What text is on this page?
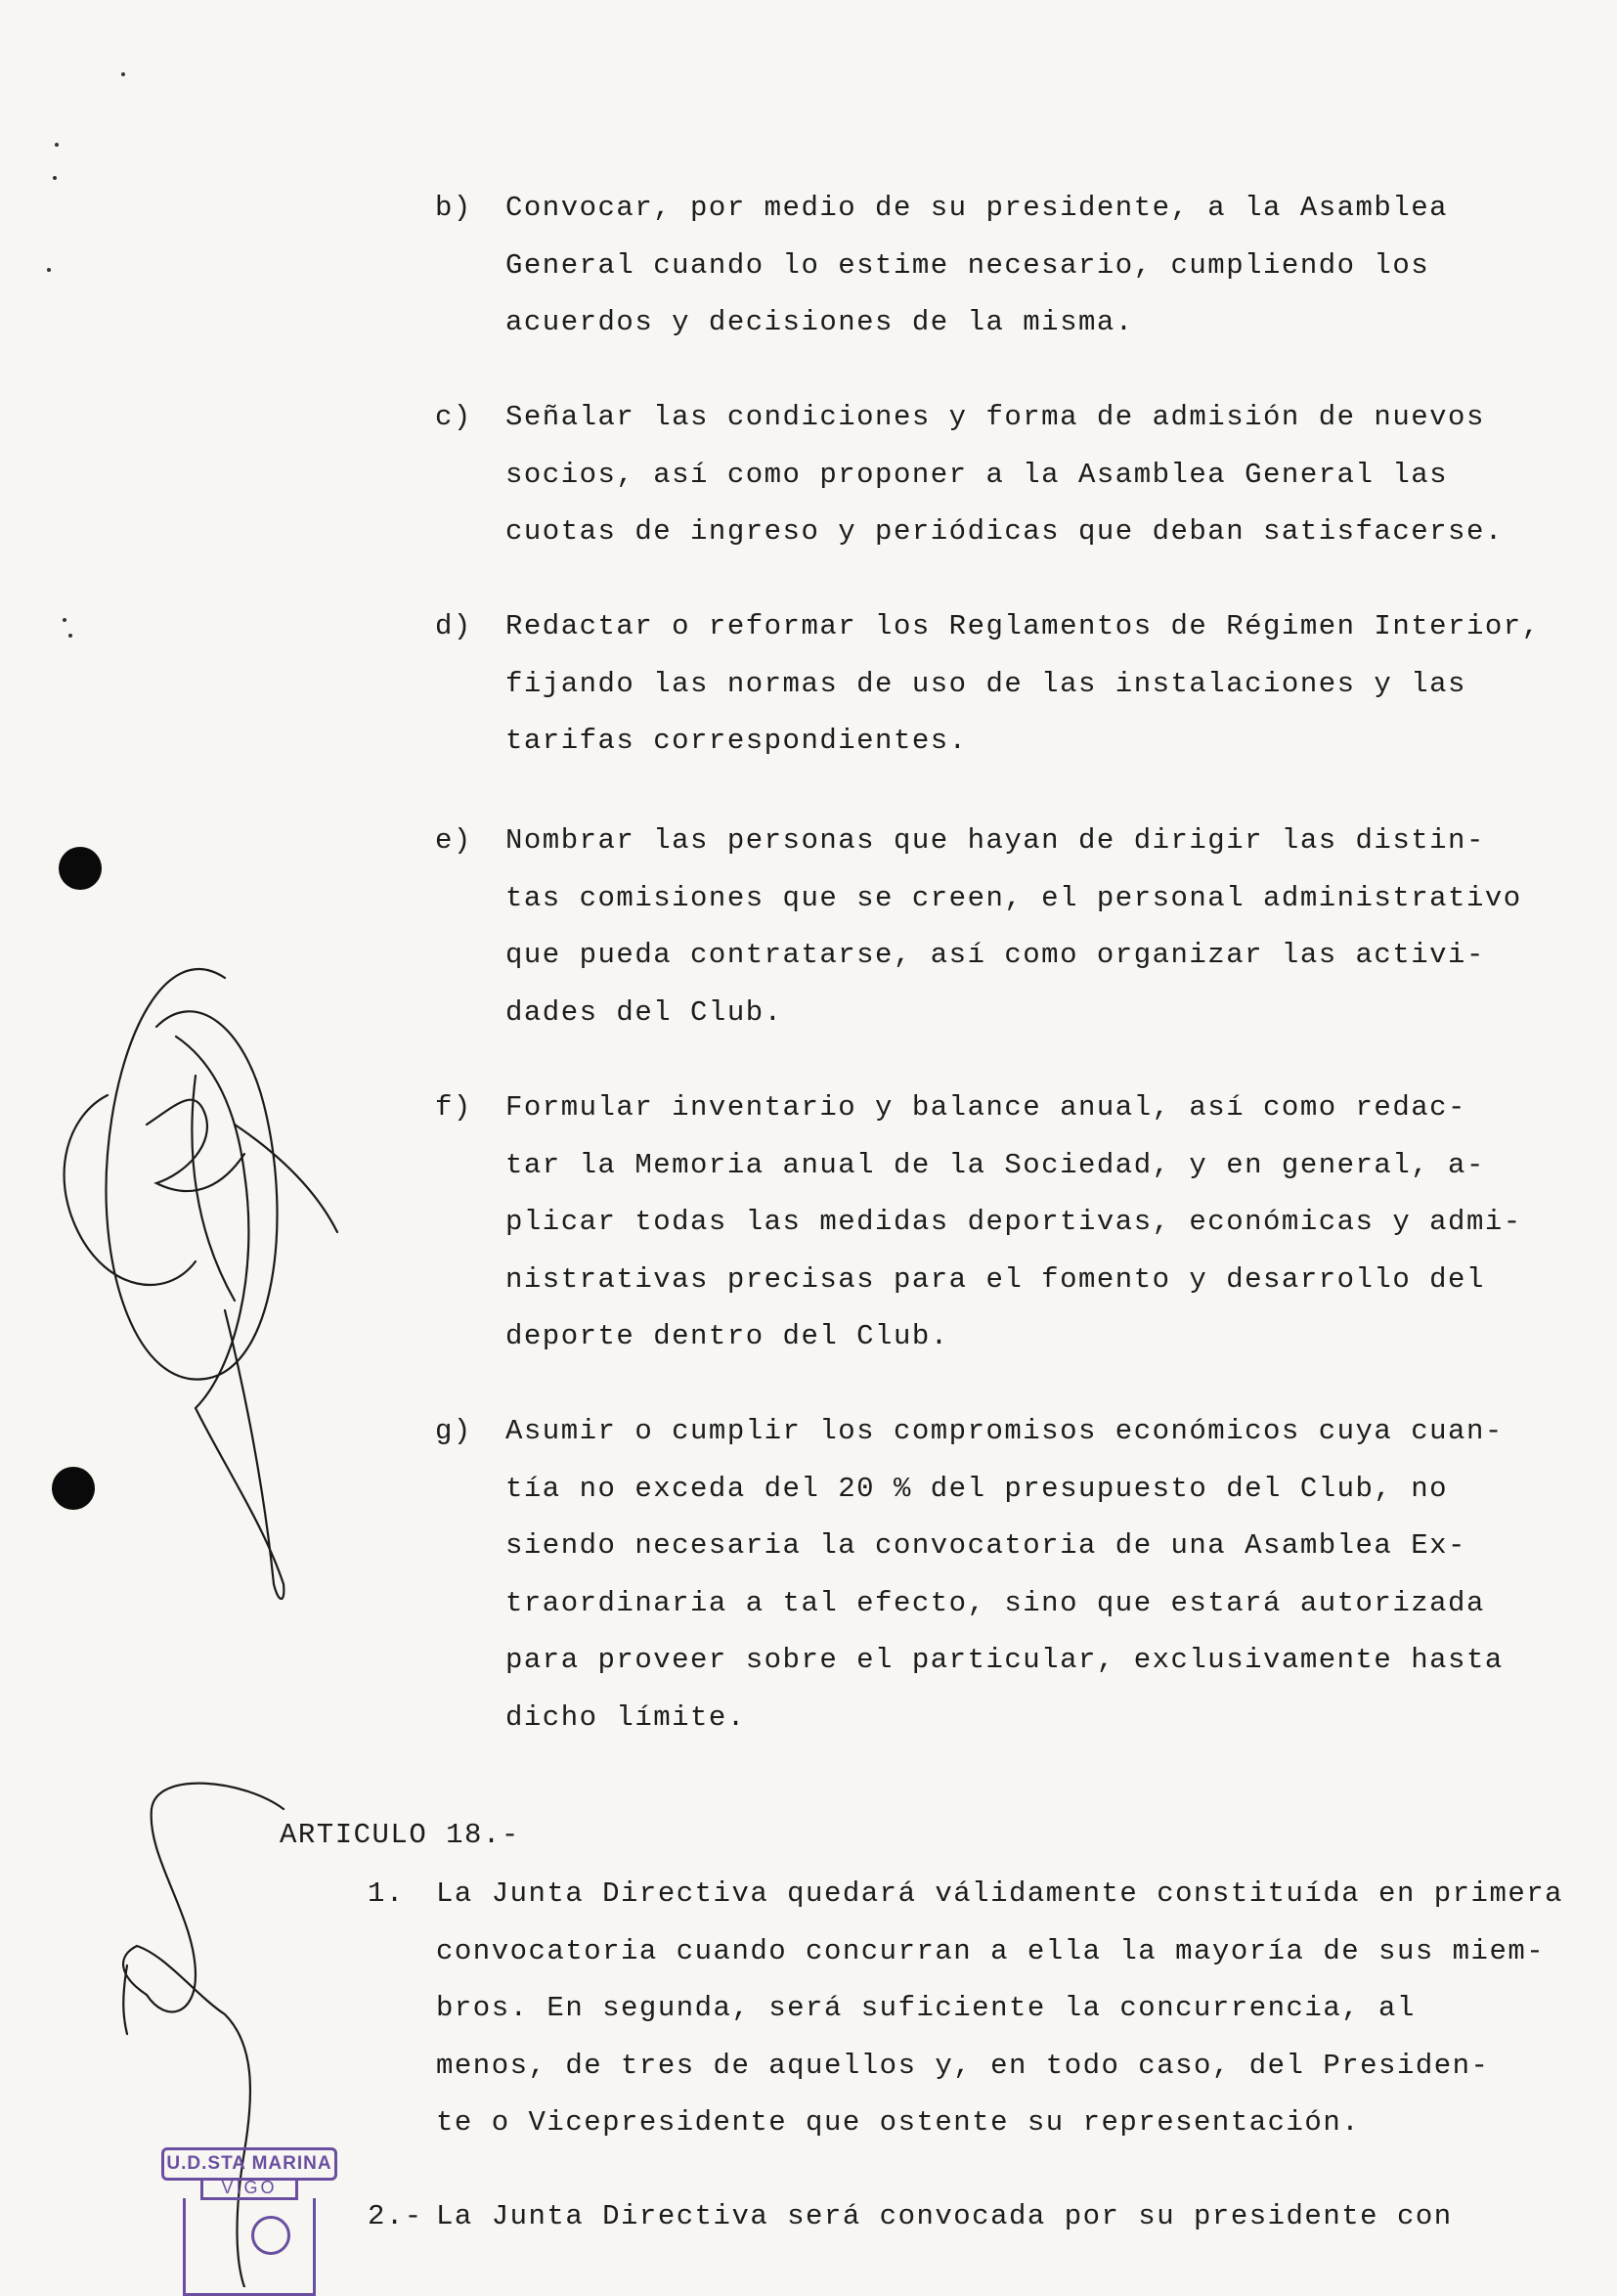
b) Convocar, por medio de su presidente, a la Asamblea
General cuando lo estime necesario, cumpliendo los
acuerdos y decisiones de la misma.
c) Señalar las condiciones y forma de admisión de nuevos
socios, así como proponer a la Asamblea General las
cuotas de ingreso y periódicas que deban satisfacerse.
d) Redactar o reformar los Reglamentos de Régimen Interior,
fijando las normas de uso de las instalaciones y las
tarifas correspondientes.
e) Nombrar las personas que hayan de dirigir las distin-
tas comisiones que se creen, el personal administrativo
que pueda contratarse, así como organizar las activi-
dades del Club.
f) Formular inventario y balance anual, así como redac-
tar la Memoria anual de la Sociedad, y en general, a-
plicar todas las medidas deportivas, económicas y admi-
nistrativas precisas para el fomento y desarrollo del
deporte dentro del Club.
g) Asumir o cumplir los compromisos económicos cuya cuan-
tía no exceda del 20 % del presupuesto del Club, no
siendo necesaria la convocatoria de una Asamblea Ex-
traordinaria a tal efecto, sino que estará autorizada
para proveer sobre el particular, exclusivamente hasta
dicho límite.
ARTICULO 18.-
1. La Junta Directiva quedará válidamente constituída en primera
convocatoria cuando concurran a ella la mayoría de sus miem-
bros. En segunda, será suficiente la concurrencia, al
menos, de tres de aquellos y, en todo caso, del Presiden-
te o Vicepresidente que ostente su representación.
2.- La Junta Directiva será convocada por su presidente con
U.D.STA MARINA
VIGO
